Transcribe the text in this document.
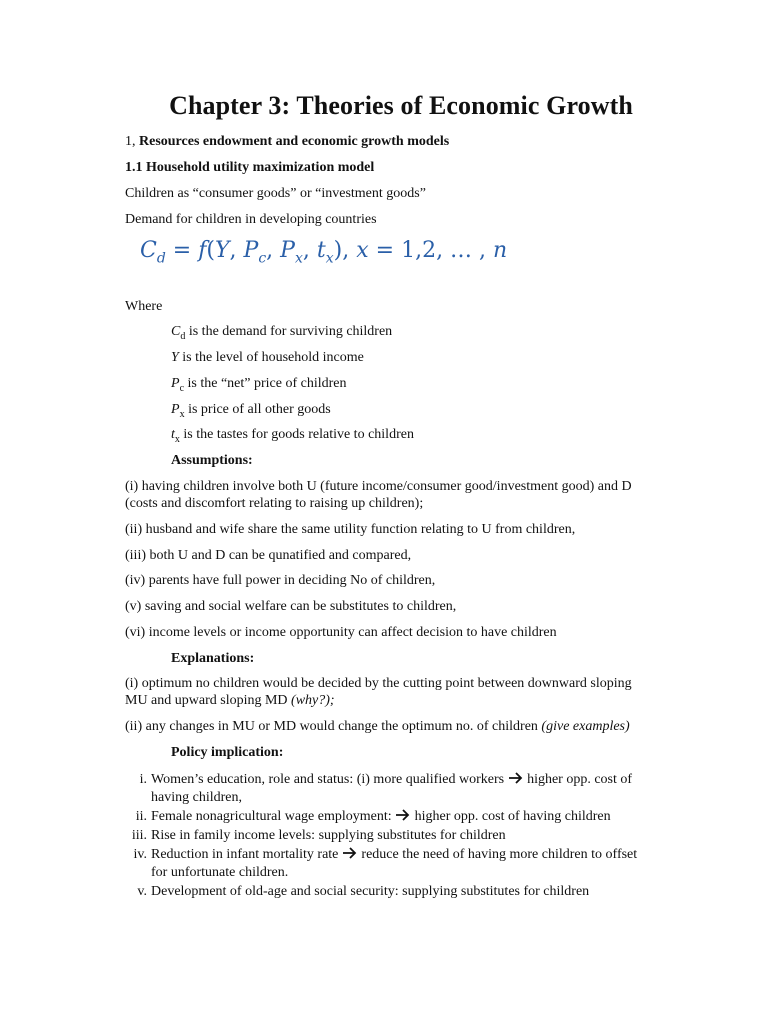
Chapter 3: Theories of Economic Growth
1, Resources endowment and economic growth models
1.1 Household utility maximization model
Children as “consumer goods” or “investment goods”
Demand for children in developing countries
$C_d = f(Y$, $P_c$, $P_x$, $t_x$), x = 1,2, … , n
Where
$C_d$ is the demand for surviving children
Y is the level of household income
$P_c$ is the “net” price of children
$P_x$ is price of all other goods
$t_x$ is the tastes for goods relative to children
Assumptions:
(i) having children involve both U (future income/consumer good/investment good) and D
(costs and discomfort relating to raising up children);
(ii) husband and wife share the same utility function relating to U from children,
(iii) both U and D can be qunatified and compared,
(iv) parents have full power in deciding No of children,
(v) saving and social welfare can be substitutes to children,
(vi) income levels or income opportunity can affect decision to have children
Explanations:
(i) optimum no children would be decided by the cutting point between downward sloping
MU and upward sloping MD (why?);
(ii) any changes in MU or MD would change the optimum no. of children (give examples)
Policy implication:
i. Women’s education, role and status: (i) more qualified workers  higher opp. cost of
having children,
ii. Female nonagricultural wage employment:  higher opp. cost of having children
iii. Rise in family income levels: supplying substitutes for children
iv. Reduction in infant mortality rate  reduce the need of having more children to offset
for unfortunate children.
v. Development of old-age and social security: supplying substitutes for children
